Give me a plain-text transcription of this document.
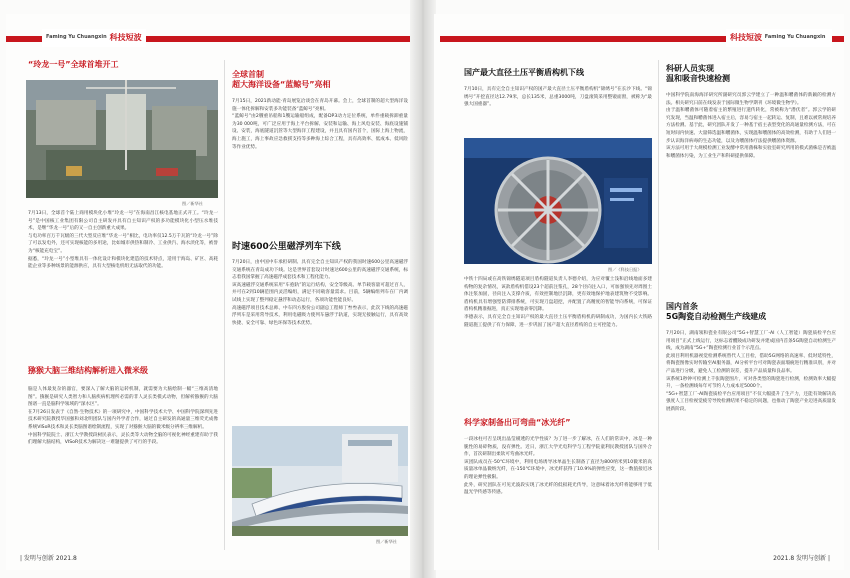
Faming Yu Chuangxin 科技短波
“玲龙一号”全球首堆开工
图／新华社
7月13日，全球首个陆上商用模块化小堆“玲龙一号”在海南昌江核电基地正式开工。“玲龙一号”是中国核工业集团有限公司自主研发并具有自主知识产权的多功能模块化小型压水堆技术，是继“华龙一号”后的又一自主创新重大成果。
与电功率百万千瓦级的三代大型反应堆“华龙一号”相比，电功率仅12.5万千瓦的“玲龙一号”除了可以发电外，还可实现核能的多用途，比如城市供热和制冷、工业供汽、海水淡化等，被誉为“核能充电宝”。
据悉，“玲龙一号”小型堆具有一体化设计和模块化建造的技术特点，适用于海岛、矿区、高耗能企业等多种场景的能源供应，具有大型核电机组无法取代的功能。
猕猴大脑三维结构解析进入微米级
脑是人体最复杂的器官，要深入了解大脑的运转机制，就需要为大脑绘制一幅“三维高清地图”。猕猴是研究人类智力和人脑疾病机理所必需的非人灵长类模式动物，但解析猕猴的大脑图谱一直是脑科学领域的“深水区”。
在7月26日发表于《自然·生物技术》的一项研究中，中国科学技术大学、中国科学院深圳先进技术研究院教授毕国强和刘北明团队与国内外学者合作，通过自主研发的高通量三维荧光成像系统VISoR技术和灵长类脑图谱绘制流程，实现了对猕猴大脑的微米级分辨率三维解析。
中国科学院院士、浙江大学教授段树民表示，灵长类等大动物全脑的可视化神经重建有助于我们理解大脑结构，VISoR技术为解决这一难题提供了可行的手段。
全球首制
超大海洋设备“蓝鲸号”亮相
7月15日，2021新动能·青岛展览洽谈会在青岛开幕。会上，全球首制的超大型海洋设施一体化拆解和安装多功能装备“蓝鲸号”亮相。
“蓝鲸号”由2艘重吊船和1艘运输船组成，配备DP3动力定位系统，单件重载拆卸重量为30 000吨，可广泛应用于海上平台拆解、安装和运输、海上风电安装、海底设施铺设、安装，海底隧道沉管等大型海洋工程建设，并且具有国内首个，国际上海上物流，海上施工，海上事故应急救援支持等多种海上综合工程，具有高效率、低成本、低风险等作业优势。
时速600公里磁浮列车下线
7月20日，由中国中车承担研制、具有完全自主知识产权的我国时速600公里高速磁浮交通系统在青岛成功下线。这是世界首套设计时速达600公里的高速磁浮交通系统，标志着我国掌握了高速磁浮成套技术和工程化能力。
该高速磁浮交通系统采用“车抱轨”的运行结构，安全等级高。单节载客量可超过百人，并可在2到10辆范围内灵活编组，满足不同载客量需求。目前，5辆编组列车在厂内调试线上实现了整列稳定悬浮和动态运行，各项功能性能良好。
高速磁浮项目技术总师、中车四方股份公司副总工程师丁叁叁表示，此次下线的高速磁浮列车是采用常导技术，利用电磁吸力使列车悬浮于轨道，实现无接触运行，具有高效快捷、安全可靠、绿色环保等技术优势。
图／新华社
| 发明与创新 2021.8
科技短波 Faming Yu Chuangxin
国产最大直径土压平衡盾构机下线
7月10日，具有完全自主知识产权的国产最大直径土压平衡盾构机“锦绣号”在长沙下线。“锦绣号”开挖直径达12.79米，总长135米，总重3000吨，刀盘滚筒采用整锻面窗，被称为“最强大国重器”。
图／《科技日报》
中铁十四局或在高铁锦绣隧道项目盾构隧道负责人李德介绍，为应对覆土浅和沿线地面多建构物的复杂情况，该款盾构机借设23个超前注浆孔，28个径向注入口，可加强预先对周围土体注浆加固，径向注入支撑介质，有效控制地层沉降，更有效地保护地表建筑物不受影响。盾构机具有增强型防滞排系统，可实现刀盘超挖，并配置了高精度的智能导向系统，可保证盾构机精准掘进，真正实现地表零沉降。
李德表示，具有完全自主知识产权的最大直径土压平衡盾构机的研制成功，为国内长大铁路隧道施工提供了有力保障，进一步巩固了国产超大直径盾构的自主可控能力。
科学家制备出可弯曲“冰光纤”
一段冰柱可否呈现出晶莹剔透的光学性质？为了进一步了解冰，在人们的常识中，冰是一种脆性的易碎物质，没有弹性。近日，浙江大学光电科学与工程学院童利民教授团队与国外合作，首次研制出柔软可弯曲冰光纤。
该团队成员在-50℃环境中，利用电场诱导冰单晶生长制备了直径为800纳米到10微米的高质量冰单晶微纳光纤，在-150℃环境中，冰光纤获得了10.9%的弹性应变，这一数值接近冰的理论弹性极限。
此外，研究团队在可见光波段实现了冰光纤的低损耗光传导，这意味着冰光纤将能够用于低温光学传感等传感。
科研人员实现
温和吸音快速检测
中国科学院南海海洋研究所副研究员郭云学建立了一种温和嚼菌体的新颖的检测方法。相关研究日前在线发表于国际微生物学期刊《环境微生物学》。
由于温和嚼菌体可随着宿主的繁殖进行遗传转化，常被称为“潜伏者”。郭云学的研究发现，当温和嚼菌体进入宿主后，容易与宿主一起转运、复制，且难以被常规培养方法检测。基于此，研究团队开发了一种基于宿主表型变化的高通量检测方法，可在短时间内快速、大量筛选温和嚼菌体，实现温和嚼菌体的高效检测，有助于人们进一步认识海洋病毒的生态功能，以及为嚼菌体疗法提供嚼菌体资源。
该方法可用于大规模检测工业发酵中常用菌株和实验室研究所用的模式菌株是否被温和嚼菌体污染，为工业生产和科研提供保障。
国内首条
5G陶瓷自动检测生产线建成
7月20日，湖南领和瓷业有限公司“5G+智慧工厂-AI（人工智能）陶瓷质检平台应用项目”正式上线运行，这标志着醴陵成功研发并建成国内首条5G陶瓷自动检测生产线，成为湖南“5G+”陶瓷检测行业首个示范点。
此项目利用机器视觉检测系统替代人工目检，借助5G网络的高速率、低时延特性，将陶瓷图像实时传输至AI服务器，AI分析平台可对陶瓷表面瑕疵进行精准识别，并对产品进行分级，避免人工检测的误差，提升产品质量和良品率。
该系统1秒钟可检测上千张陶瓷图片，可对各类型的陶瓷进行检测，检测效率大幅提升，一条检测线每年可节约人力成本近5000个。
“5G+智慧工厂-AI陶瓷质检平台应用项目”不仅大幅提升了生产力，还能有效解决高强度人工目检视觉疲劳导致检测结果不稳定的问题，也推动了陶瓷产业迈进高质量发展新阶段。
2021.8 发明与创新 |
